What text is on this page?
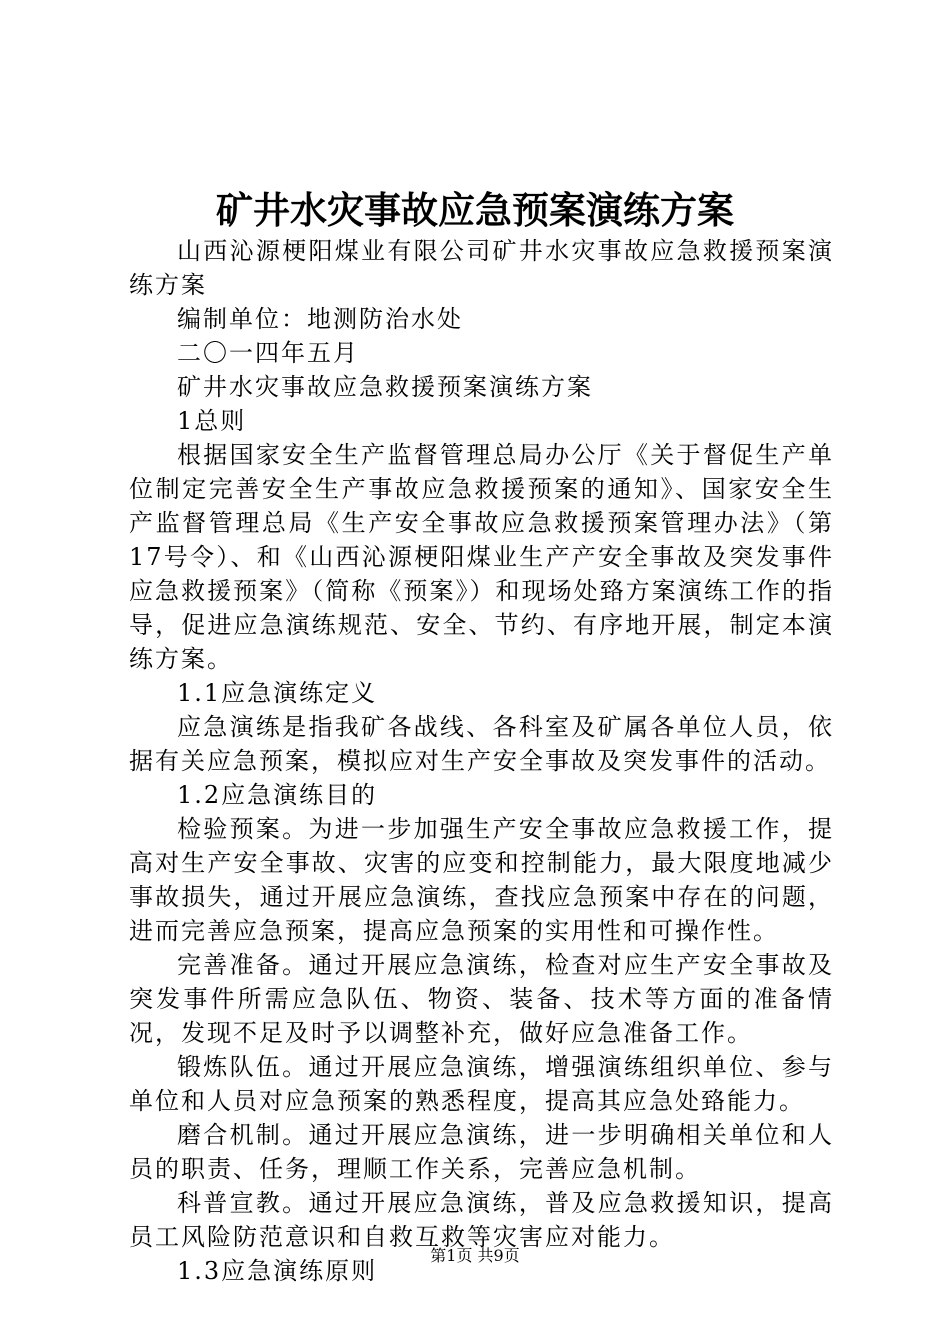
矿井水灾事故应急预案演练方案

山西沁源梗阳煤业有限公司矿井水灾事故应急救援预案演练方案

编制单位：地测防治水处

二〇一四年五月

矿井水灾事故应急救援预案演练方案

1总则

根据国家安全生产监督管理总局办公厅《关于督促生产单位制定完善安全生产事故应急救援预案的通知》、国家安全生产监督管理总局《生产安全事故应急救援预案管理办法》（第17号令）、和《山西沁源梗阳煤业生产产安全事故及突发事件应急救援预案》（简称《预案》）和现场处臵方案演练工作的指导，促进应急演练规范、安全、节约、有序地开展，制定本演练方案。

1.1应急演练定义

应急演练是指我矿各战线、各科室及矿属各单位人员，依据有关应急预案，模拟应对生产安全事故及突发事件的活动。

1.2应急演练目的

检验预案。为进一步加强生产安全事故应急救援工作，提高对生产安全事故、灾害的应变和控制能力，最大限度地减少事故损失，通过开展应急演练，查找应急预案中存在的问题，进而完善应急预案，提高应急预案的实用性和可操作性。

完善准备。通过开展应急演练，检查对应生产安全事故及突发事件所需应急队伍、物资、装备、技术等方面的准备情况，发现不足及时予以调整补充，做好应急准备工作。

锻炼队伍。通过开展应急演练，增强演练组织单位、参与单位和人员对应急预案的熟悉程度，提高其应急处臵能力。

磨合机制。通过开展应急演练，进一步明确相关单位和人员的职责、任务，理顺工作关系，完善应急机制。

科普宣教。通过开展应急演练，普及应急救援知识，提高员工风险防范意识和自救互救等灾害应对能力。

1.3应急演练原则

第1页 共9页
